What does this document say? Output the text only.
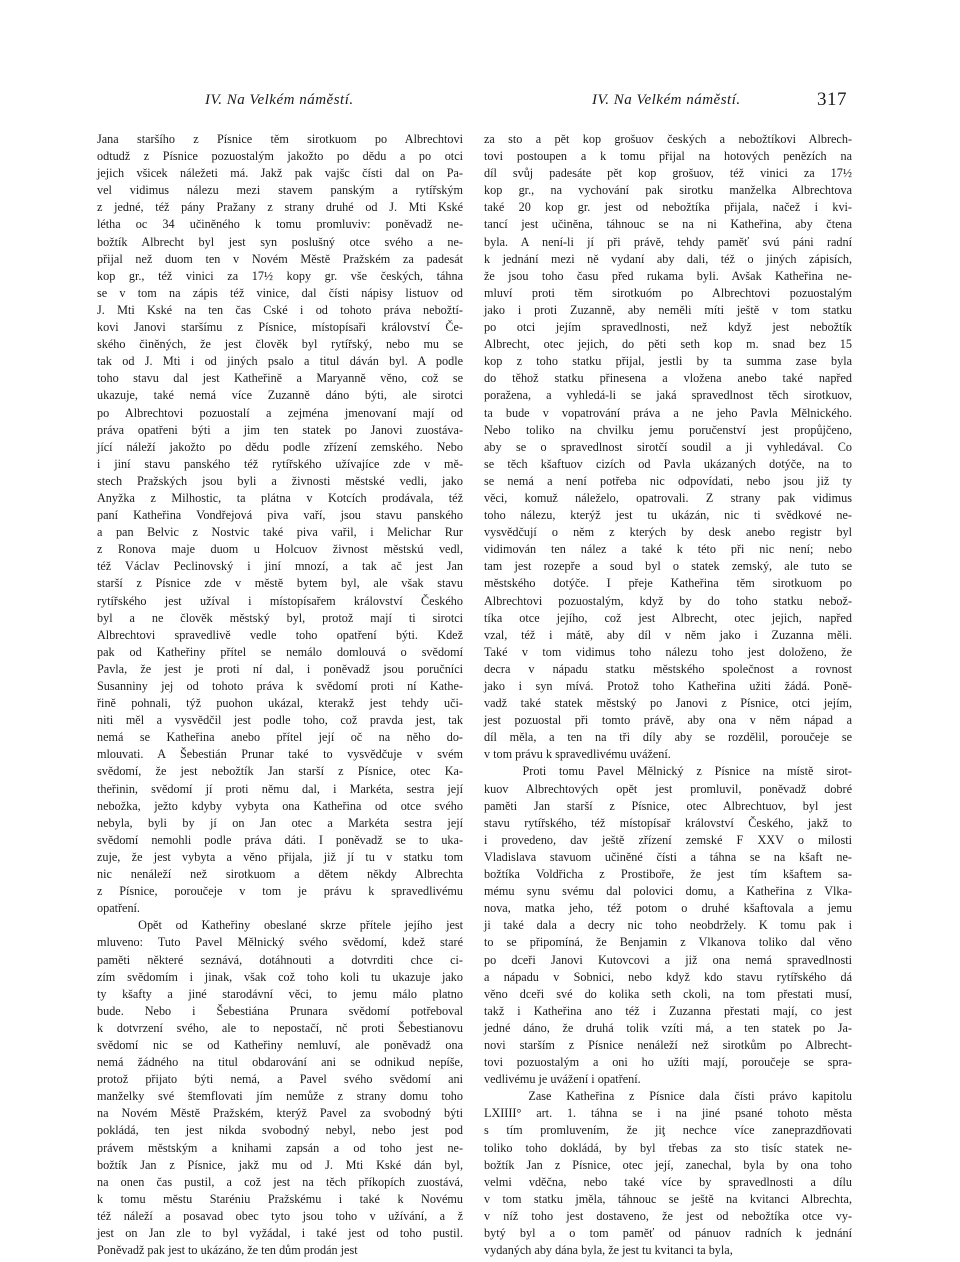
IV. Na Velkém náměstí.	IV. Na Velkém náměstí.	317
Jana staršího z Písnice těm sirotkuom po Albrechtovi
odtudž z Písnice pozuostalým jakožto po dědu a po otci
jejich všicek náležeti má. Jakž pak vajšc čísti dal on Pa-
vel vidimus nálezu mezi stavem panským a rytířským
z jedné, též pány Pražany z strany druhé od J. Mti Kské
létha oc 34 učiněného k tomu promluviv: poněvadž ne-
božtík Albrecht byl jest syn poslušný otce svého a ne-
přijal než duom ten v Novém Městě Pražském za padesát
kop gr., též vinici za 17½ kopy gr. vše českých, táhna
se v tom na zápis též vinice, dal čísti nápisy listuov od
J. Mti Kské na ten čas Cské i od tohoto práva nebožtí-
kovi Janovi staršímu z Písnice, místopísaři království Če-
ského činěných, že jest člověk byl rytířský, nebo mu se
tak od J. Mti i od jiných psalo a titul dáván byl. A podle
toho stavu dal jest Katheřině a Maryanně věno, což se
ukazuje, také nemá více Zuzanně dáno býti, ale sirotci
po Albrechtovi pozuostalí a zejména jmenovaní mají od
práva opatřeni býti a jim ten statek po Janovi zuostáva-
jící náleží jakožto po dědu podle zřízení zemského. Nebo
i jiní stavu panského též rytířského užívajíce zde v mě-
stech Pražských jsou byli a živnosti městské vedli, jako
Anyžka z Milhostic, ta plátna v Kotcích prodávala, též
paní Katheřina Vondřejová piva vaří, jsou stavu panského
a pan Belvic z Nostvic také piva vařil, i Melichar Rur
z Ronova maje duom u Holcuov živnost městskú vedl,
též Václav Peclinovský i jiní mnozí, a tak ač jest Jan
starší z Písnice zde v městě bytem byl, ale však stavu
rytířského jest užíval i místopísařem království Českého
byl a ne člověk městský byl, protož mají ti sirotci
Albrechtovi spravedlivě vedle toho opatření býti. Kdež
pak od Katheřiny přítel se nemálo domlouvá o svědomí
Pavla, že jest je proti ní dal, i poněvadž jsou poručníci
Susanniny jej od tohoto práva k svědomí proti ní Kathe-
řině pohnali, týž puohon ukázal, kterakž jest tehdy uči-
niti měl a vysvědčil jest podle toho, což pravda jest, tak
nemá se Katheřina anebo přítel její oč na něho do-
mlouvati. A Šebestián Prunar také to vysvědčuje v svém
svědomí, že jest nebožtík Jan starší z Písnice, otec Ka-
thеřinin, svědomí jí proti němu dal, i Markéta, sestra její
nebožka, ježto kdyby vybyta ona Katheřina od otce svého
nebyla, byli by jí on Jan otec a Markéta sestra její
svědomí nemohli podle práva dáti. I poněvadž se to uka-
zuje, že jest vybyta a věno přijala, již jí tu v statku tom
nic nenáleží než sirotkuom a dětem někdy Albrechta
z Písnice, poroučeje v tom je právu k spravedlivému
opatření.
Opět od Katheřiny obeslané skrze přítele jejího jest
mluveno: Tuto Pavel Mělnický svého svědomí, kdež staré
paměti některé seznává, dotáhnouti a dotvrditi chce ci-
zím svědomím i jinak, však což toho koli tu ukazuje jako
ty kšafty a jiné starodávní věci, to jemu málo platno
bude. Nebo i Šebestiána Prunara svědomí potřeboval
k dotvrzení svého, ale to nepostačí, nč proti Šebestianovu
svědomí nic se od Katheřiny nemluví, ale poněvadž ona
nemá žádného na titul obdarování ani se odnikud nepíše,
protož přijato býti nemá, a Pavel svého svědomí ani
manželky své štemflovati jím nemůže z strany domu toho
na Novém Městě Pražském, kterýž Pavel za svobodný býti
pokládá, ten jest nikda svobodný nebyl, nebo jest pod
právem městským a knihami zapsán a od toho jest ne-
božtík Jan z Písnice, jakž mu od J. Mti Kské dán byl,
na onen čas pustil, a což jest na těch příkopích zuostává,
k tomu městu Staréniu Pražskému i také k Novému
též náleží a posavad obec tyto jsou toho v užívání, a ž
jest on Jan zle to byl vyžádal, i také jest od toho pustil.
Poněvadž pak jest to ukázáno, že ten dům prodán jest
za sto a pět kop grošuov českých a nebožtíkovi Albrech-
tovi postoupen a k tomu přijal na hotových penězích na
díl svůj padesáte pět kop grošuov, též vinici za 17½
kop gr., na vychování pak sirotku manželka Albrechtova
také 20 kop gr. jest od nebožtíka přijala, načež i kvi-
tancí jest učiněna, táhnouc se na ni Katheřina, aby čtena
byla. A není-li jí při právě, tehdy paměť svú páni radní
k jednání mezi ně vydaní aby dali, též o jiných zápisích,
že jsou toho času před rukama byli. Avšak Katheřina ne-
mluví proti těm sirotkuóm po Albrechtovi pozuostalým
jako i proti Zuzanně, aby neměli míti ještě v tom statku
po otci jejím spravedlnosti, než když jest nebožtík
Albrecht, otec jejich, do pěti seth kop m. snad bez 15
kop z toho statku přijal, jestli by ta summa zase byla
do těhož statku přinesena a vložena anebo také napřed
poražena, a vyhledá-li se jaká spravedlnost těch sirotkuov,
ta bude v vopatrování práva a ne jeho Pavla Mělnického.
Nebo toliko na chvilku jemu poručenství jest propůjčeno,
aby se o spravedlnost sirotčí soudil a ji vyhledával. Co
se těch kšaftuov cizích od Pavla ukázaných dotýče, na to
se nemá a není potřeba nic odpovídati, nebo jsou již ty
věci, komuž náleželo, opatrovali. Z strany pak vidimus
toho nálezu, kterýž jest tu ukázán, nic ti svědkové ne-
vysvědčují o něm z kterých by desk anebo registr byl
vidimován ten nález a také k této při nic není; nebo
tam jest rozepře a soud byl o statek zemský, ale tuto se
městského dotýče. I přeje Katheřina těm sirotkuom po
Albrechtovi pozuostalým, když by do toho statku nebož-
tíka otce jejího, což jest Albrecht, otec jejich, napřed
vzal, též i mátě, aby díl v něm jako i Zuzanna měli.
Také v tom vidimus toho nálezu toho jest doloženo, že
decra v nápadu statku městského společnost a rovnost
jako i syn mívá. Protož toho Katheřina užiti žádá. Poně-
vadž také statek městský po Janovi z Písnice, otci jejím,
jest pozuostal při tomto právě, aby ona v něm nápad a
díl měla, a ten na tři díly aby se rozdělil, poroučeje se
v tom právu k spravedlivému uvážení.
Proti tomu Pavel Mělnický z Písnice na místě sirot-
kuov Albrechtových opět jest promluvil, poněvadž dobré
paměti Jan starší z Písnice, otec Albrechtuov, byl jest
stavu rytířského, též místopísař království Českého, jakž to
i provedeno, dav ještě zřízení zemské F XXV o milosti
Vladislava stavuom učiněné čísti a táhna se na kšaft ne-
božtíka Voldřicha z Prostiboře, že jest tím kšaftem sa-
mému synu svému dal polovici domu, a Katheřina z Vlka-
nova, matka jeho, též potom o druhé kšaftovala a jemu
ji také dala a decry nic toho neobdržely. K tomu pak i
to se připomíná, že Benjamin z Vlkanova toliko dal věno
po dceři Janovi Kutovcovi a již ona nemá spravedlnosti
a nápadu v Sobnici, nebo když kdo stavu rytířského dá
věno dceři své do kolika seth ckoli, na tom přestati musí,
takž i Katheřina ano též i Zuzanna přestati mají, co jest
jedné dáno, že druhá tolik vzíti má, a ten statek po Ja-
novi starším z Písnice nenáleží než sirotkům po Albrecht-
tovi pozuostalým a oni ho užíti mají, poroučeje se spra-
vedlivému je uvážení i opatření.
Zase Katheřina z Písnice dala čísti právo kapitolu
LXIIII° art. 1. táhna se i na jiné psané tohoto města
s tím promluvením, že jiţ nechce více zaneprazdňovati
toliko toho dokládá, by byl třebas za sto tisíc statek ne-
božtík Jan z Písnice, otec její, zanechal, byla by ona toho
velmi vděčna, nebo také více by spravedlnosti a dílu
v tom statku jměla, táhnouc se ještě na kvitanci Albrechta,
v níž toho jest dostaveno, že jest od nebožtíka otce vy-
bytý byl a o tom paměť od pánuov radních k jednání
vydaných aby dána byla, že jest tu kvitanci ta byla,
